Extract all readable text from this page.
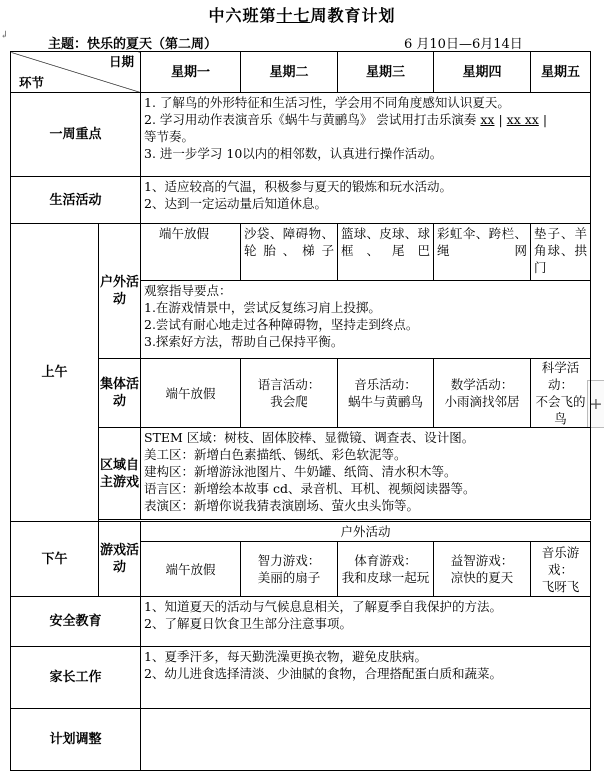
中六班第十七周教育计划
↲
主题：快乐的夏天（第二周）	6 月10日—6月14日
+
日期
环节		星期一	星期二	星期三	星期四	星期五
一周重点		1. 了解鸟的外形特征和生活习性，学会用不同角度感知认识夏天。
2. 学习用动作表演音乐《蜗牛与黄鹂鸟》 尝试用打击乐演奏 xx | xx xx |
等节奏。
3. 进一步学习 10以内的相邻数，认真进行操作活动。				

生活活动		1、适应较高的气温，积极参与夏天的锻炼和玩水活动。
2、达到一定运动量后知道休息。				

上午	户外活动	端午放假	沙袋、障碍物、轮胎、梯子	篮球、皮球、球框、尾巴	彩虹伞、跨栏、绳网	垫子、羊角球、拱门

		观察指导要点：
1.在游戏情景中，尝试反复练习肩上投掷。
2.尝试有耐心地走过各种障碍物，坚持走到终点。
3.探索好方法，帮助自己保持平衡。				

	集体活动	端午放假	语言活动：
我会爬	音乐活动：
蜗牛与黄鹂鸟	数学活动：
小雨滴找邻居	科学活动：
不会飞的鸟
	区域自主游戏	STEM 区域：树枝、固体胶棒、显微镜、调查表、设计图。
美工区：新增白色素描纸、锡纸、彩色软泥等。
建构区：新增游泳池图片、牛奶罐、纸筒、清水积木等。
语言区：新增绘本故事 cd、录音机、耳机、视频阅读器等。
表演区：新增你说我猜表演剧场、萤火虫头饰等。				

下午	游戏活动	户外活动				
		端午放假	智力游戏：
美丽的扇子	体育游戏：
我和皮球一起玩	益智游戏：
凉快的夏天	音乐游戏：
飞呀飞
安全教育		1、知道夏天的活动与气候息息相关，了解夏季自我保护的方法。
2、了解夏日饮食卫生部分注意事项。				

家长工作		1、夏季汗多，每天勤洗澡更换衣物，避免皮肤病。
2、幼儿进食选择清淡、少油腻的食物，合理搭配蛋白质和蔬菜。				

计划调整						
